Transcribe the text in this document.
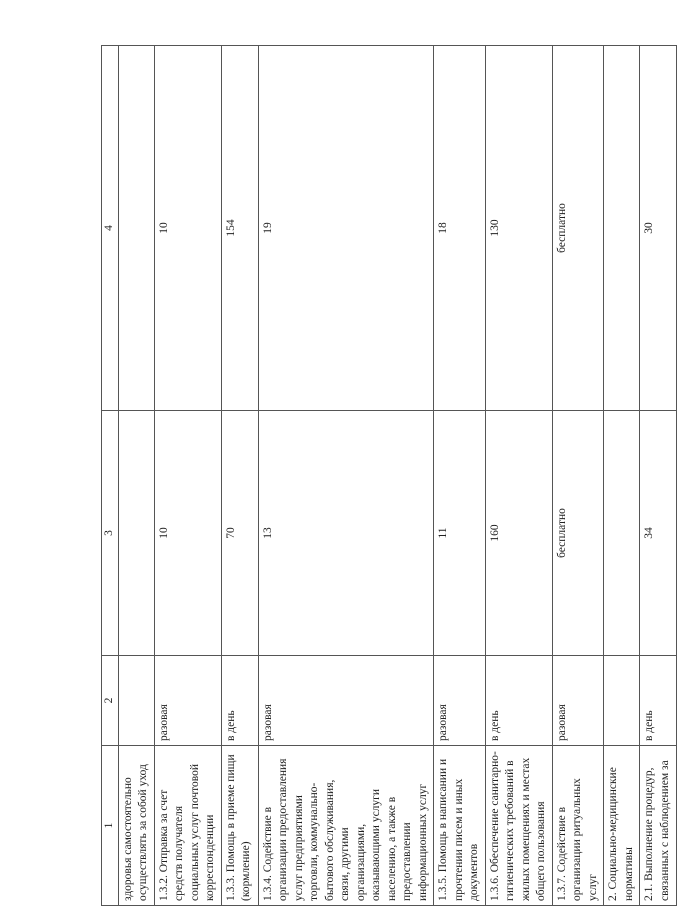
1	2	3	4
здоровья самостоятельно осуществлять за собой уход			
1.3.2. Отправка за счет средств получателя социальных услуг почтовой корреспонденции	разовая	10	10
1.3.3. Помощь в приеме пищи (кормление)	в день	70	154
1.3.4. Содействие в организации предоставления услуг предприятиями торговли, коммунально-бытового обслуживания, связи, другими организациями, оказывающими услуги населению, а также в предоставлении информационных услуг	разовая	13	19
1.3.5. Помощь в написании и прочтении писем и иных документов	разовая	11	18
1.3.6. Обеспечение санитарно-гигиенических требований в жилых помещениях и местах общего пользования	в день	160	130
1.3.7. Содействие в организации ритуальных услуг	разовая	бесплатно	бесплатно
2. Социально-медицинские нормативы			
2.1. Выполнение процедур, связанных с наблюдением за	в день	34	30
